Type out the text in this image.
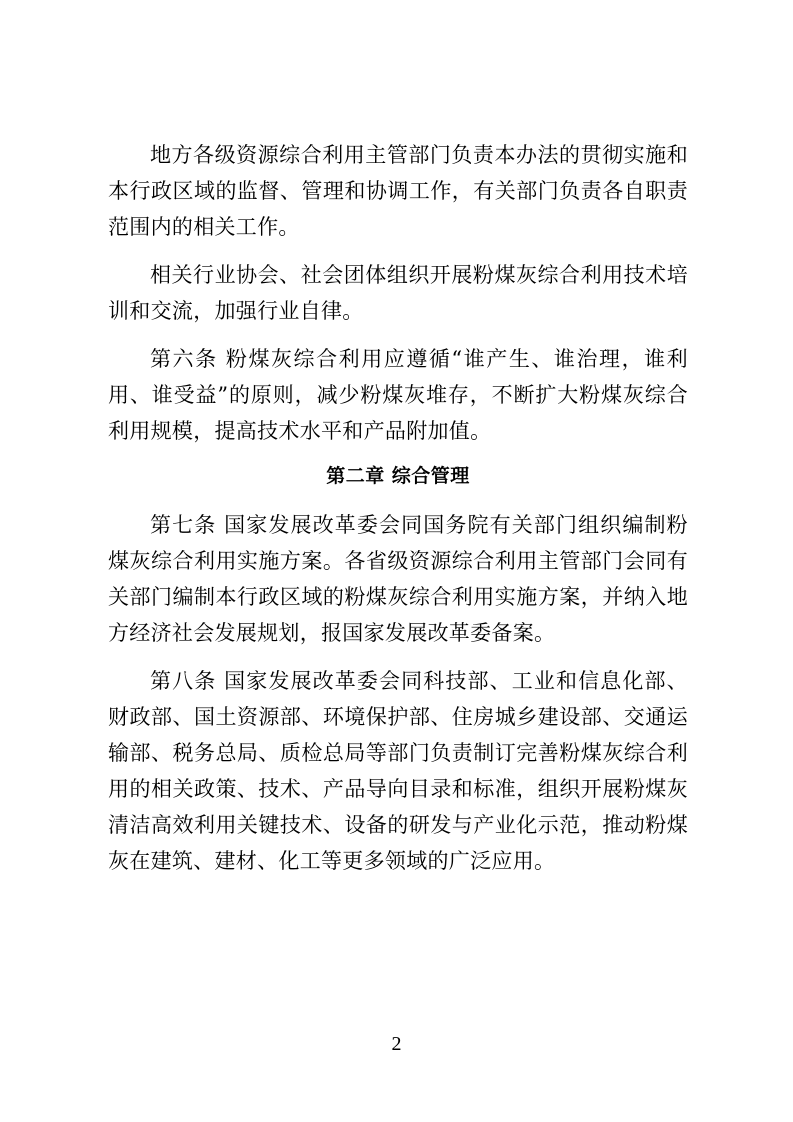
地方各级资源综合利用主管部门负责本办法的贯彻实施和本行政区域的监督、管理和协调工作，有关部门负责各自职责范围内的相关工作。

相关行业协会、社会团体组织开展粉煤灰综合利用技术培训和交流，加强行业自律。

第六条 粉煤灰综合利用应遵循“谁产生、谁治理，谁利用、谁受益”的原则，减少粉煤灰堆存，不断扩大粉煤灰综合利用规模，提高技术水平和产品附加值。

第二章 综合管理

第七条 国家发展改革委会同国务院有关部门组织编制粉煤灰综合利用实施方案。各省级资源综合利用主管部门会同有关部门编制本行政区域的粉煤灰综合利用实施方案，并纳入地方经济社会发展规划，报国家发展改革委备案。

第八条 国家发展改革委会同科技部、工业和信息化部、财政部、国土资源部、环境保护部、住房城乡建设部、交通运输部、税务总局、质检总局等部门负责制订完善粉煤灰综合利用的相关政策、技术、产品导向目录和标准，组织开展粉煤灰清洁高效利用关键技术、设备的研发与产业化示范，推动粉煤灰在建筑、建材、化工等更多领域的广泛应用。

2
